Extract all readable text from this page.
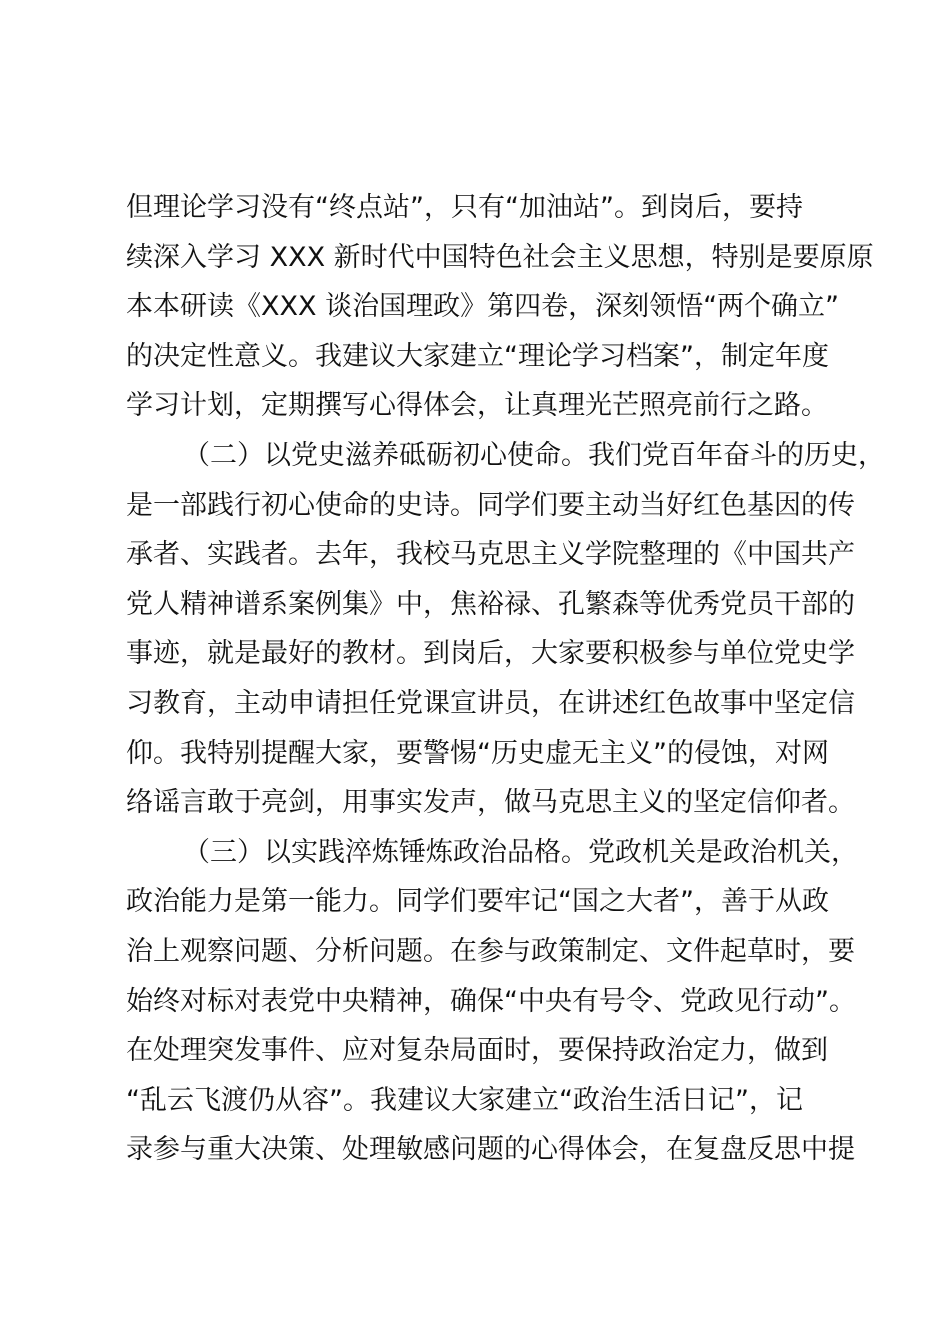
但理论学习没有“终点站”，只有“加油站”。到岗后，要持
续深入学习 XXX 新时代中国特色社会主义思想，特别是要原原
本本研读《XXX 谈治国理政》第四卷，深刻领悟“两个确立”
的决定性意义。我建议大家建立“理论学习档案”，制定年度
学习计划，定期撰写心得体会，让真理光芒照亮前行之路。
（二）以党史滋养砥砺初心使命。我们党百年奋斗的历史，
是一部践行初心使命的史诗。同学们要主动当好红色基因的传
承者、实践者。去年，我校马克思主义学院整理的《中国共产
党人精神谱系案例集》中，焦裕禄、孔繁森等优秀党员干部的
事迹，就是最好的教材。到岗后，大家要积极参与单位党史学
习教育，主动申请担任党课宣讲员，在讲述红色故事中坚定信
仰。我特别提醒大家，要警惕“历史虚无主义”的侵蚀，对网
络谣言敢于亮剑，用事实发声，做马克思主义的坚定信仰者。
（三）以实践淬炼锤炼政治品格。党政机关是政治机关，
政治能力是第一能力。同学们要牢记“国之大者”，善于从政
治上观察问题、分析问题。在参与政策制定、文件起草时，要
始终对标对表党中央精神，确保“中央有号令、党政见行动”。
在处理突发事件、应对复杂局面时，要保持政治定力，做到
“乱云飞渡仍从容”。我建议大家建立“政治生活日记”，记
录参与重大决策、处理敏感问题的心得体会，在复盘反思中提
